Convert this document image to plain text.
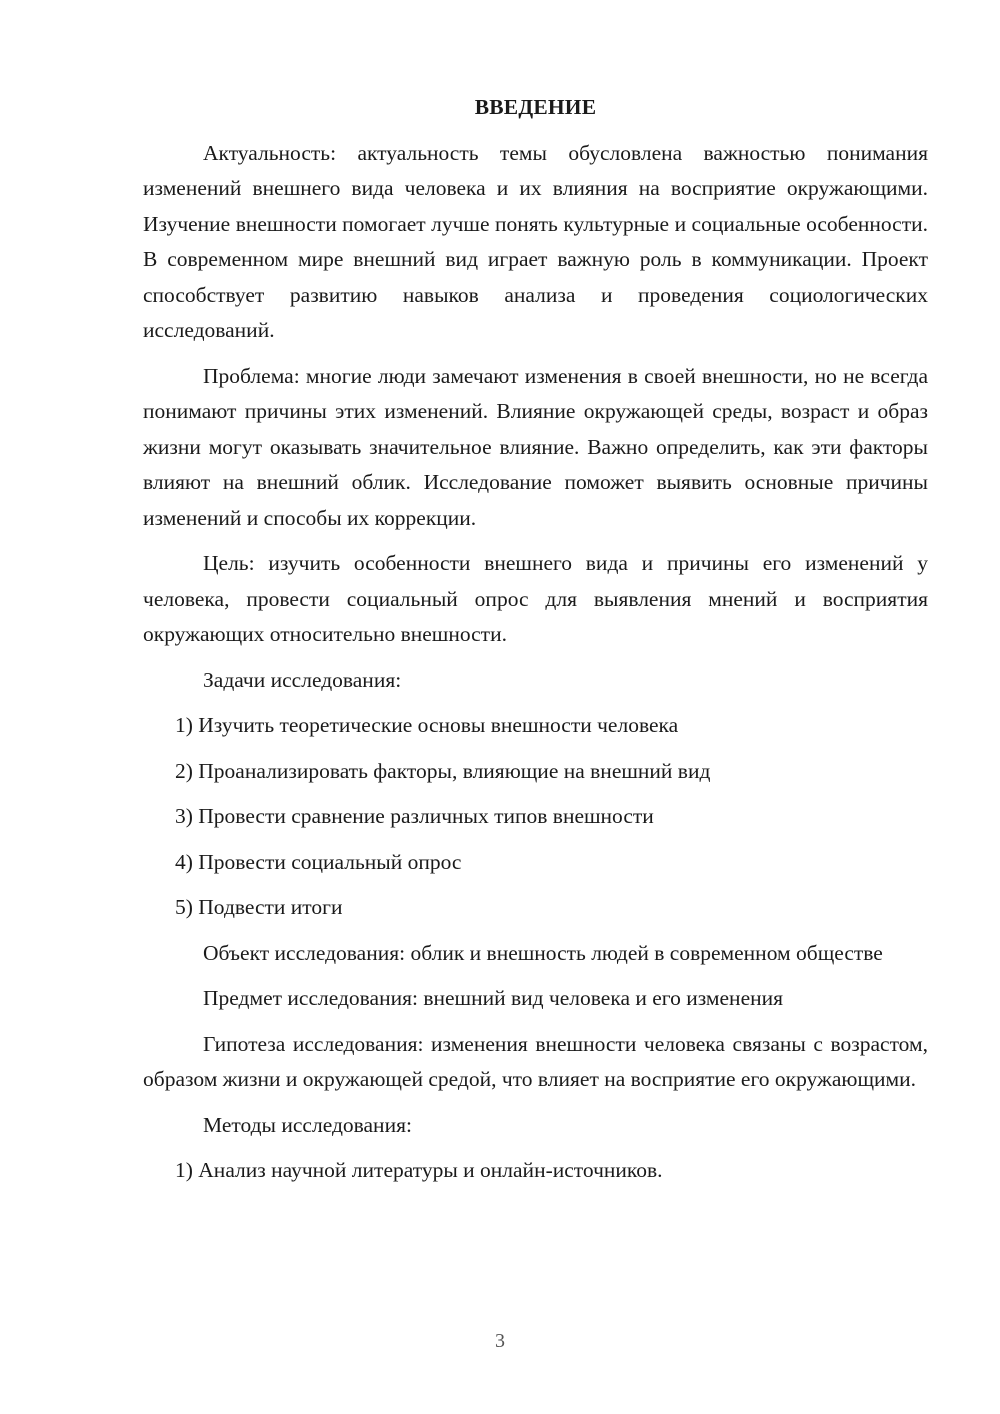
ВВЕДЕНИЕ
Актуальность: актуальность темы обусловлена важностью понимания изменений внешнего вида человека и их влияния на восприятие окружающими. Изучение внешности помогает лучше понять культурные и социальные особенности. В современном мире внешний вид играет важную роль в коммуникации. Проект способствует развитию навыков анализа и проведения социологических исследований.
Проблема: многие люди замечают изменения в своей внешности, но не всегда понимают причины этих изменений. Влияние окружающей среды, возраст и образ жизни могут оказывать значительное влияние. Важно определить, как эти факторы влияют на внешний облик. Исследование поможет выявить основные причины изменений и способы их коррекции.
Цель: изучить особенности внешнего вида и причины его изменений у человека, провести социальный опрос для выявления мнений и восприятия окружающих относительно внешности.
Задачи исследования:
1) Изучить теоретические основы внешности человека
2) Проанализировать факторы, влияющие на внешний вид
3) Провести сравнение различных типов внешности
4) Провести социальный опрос
5) Подвести итоги
Объект исследования: облик и внешность людей в современном обществе
Предмет исследования: внешний вид человека и его изменения
Гипотеза исследования: изменения внешности человека связаны с возрастом, образом жизни и окружающей средой, что влияет на восприятие его окружающими.
Методы исследования:
1) Анализ научной литературы и онлайн-источников.
3
